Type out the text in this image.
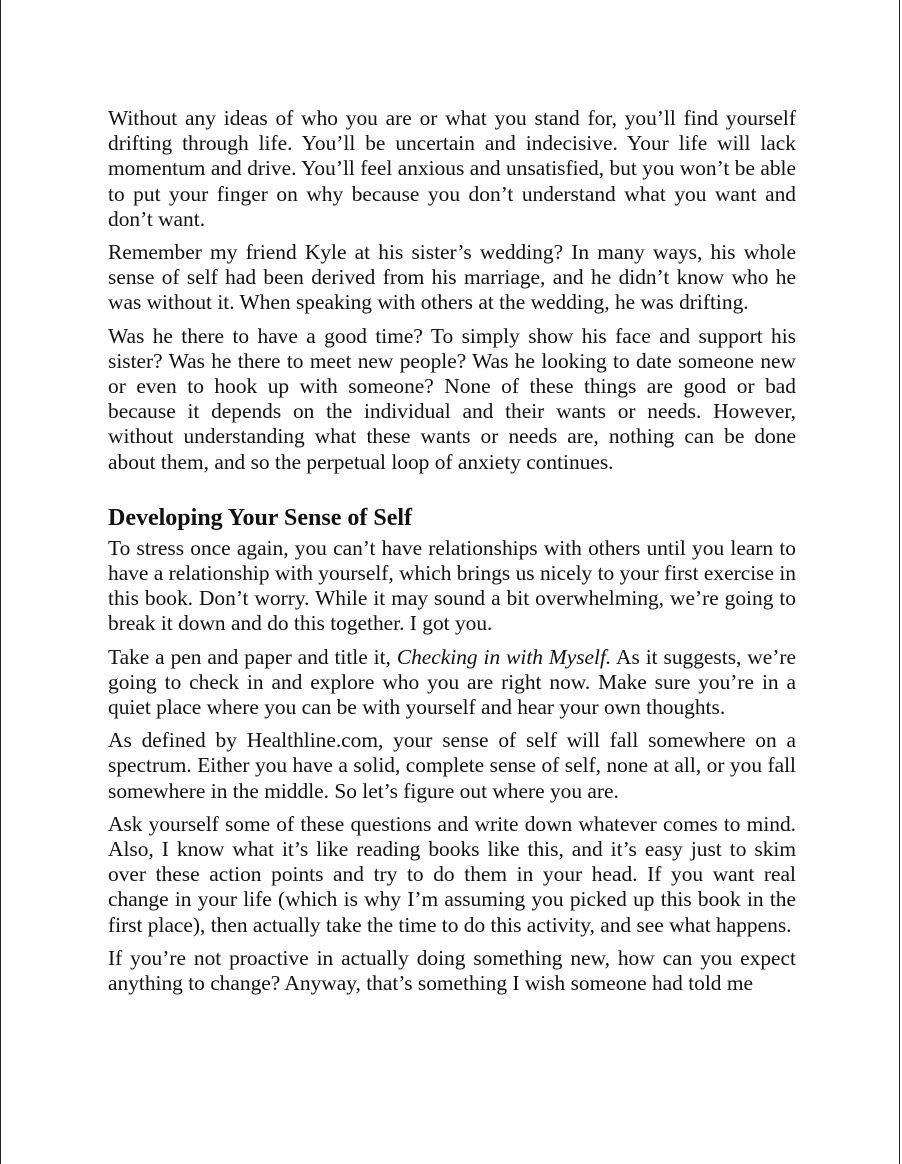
Without any ideas of who you are or what you stand for, you’ll find yourself drifting through life. You’ll be uncertain and indecisive. Your life will lack momentum and drive. You’ll feel anxious and unsatisfied, but you won’t be able to put your finger on why because you don’t understand what you want and don’t want.

Remember my friend Kyle at his sister’s wedding? In many ways, his whole sense of self had been derived from his marriage, and he didn’t know who he was without it. When speaking with others at the wedding, he was drifting.

Was he there to have a good time? To simply show his face and support his sister? Was he there to meet new people? Was he looking to date someone new or even to hook up with someone? None of these things are good or bad because it depends on the individual and their wants or needs. However, without understanding what these wants or needs are, nothing can be done about them, and so the perpetual loop of anxiety continues.

Developing Your Sense of Self

To stress once again, you can’t have relationships with others until you learn to have a relationship with yourself, which brings us nicely to your first exercise in this book. Don’t worry. While it may sound a bit overwhelming, we’re going to break it down and do this together. I got you.

Take a pen and paper and title it, Checking in with Myself. As it suggests, we’re going to check in and explore who you are right now. Make sure you’re in a quiet place where you can be with yourself and hear your own thoughts.

As defined by Healthline.com, your sense of self will fall somewhere on a spectrum. Either you have a solid, complete sense of self, none at all, or you fall somewhere in the middle. So let’s figure out where you are.

Ask yourself some of these questions and write down whatever comes to mind. Also, I know what it’s like reading books like this, and it’s easy just to skim over these action points and try to do them in your head. If you want real change in your life (which is why I’m assuming you picked up this book in the first place), then actually take the time to do this activity, and see what happens.

If you’re not proactive in actually doing something new, how can you expect anything to change? Anyway, that’s something I wish someone had told me
